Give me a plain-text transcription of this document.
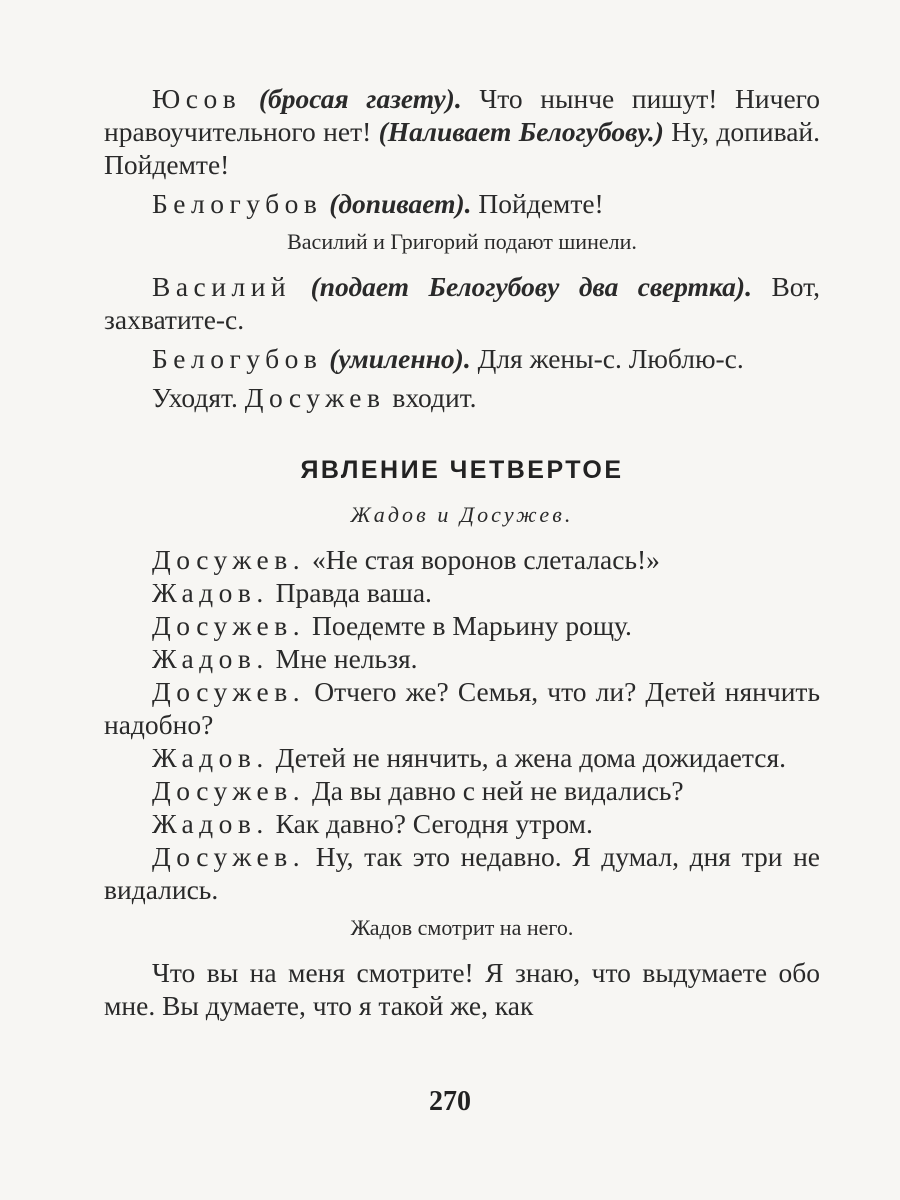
Юсов (бросая газету). Что нынче пишут! Ничего нравоучительного нет! (Наливает Белогубову.) Ну, допивай. Пойдемте!

Белогубов (допивает). Пойдемте!

Василий и Григорий подают шинели.

Василий (подает Белогубову два свертка). Вот, захватите-с.

Белогубов (умиленно). Для жены-с. Люблю-с.

Уходят. Досужев входит.

ЯВЛЕНИЕ ЧЕТВЕРТОЕ

Жадов и Досужев.

Досужев. «Не стая воронов слеталась!»

Жадов. Правда ваша.

Досужев. Поедемте в Марьину рощу.

Жадов. Мне нельзя.

Досужев. Отчего же? Семья, что ли? Детей нянчить надобно?

Жадов. Детей не нянчить, а жена дома дожидается.

Досужев. Да вы давно с ней не видались?

Жадов. Как давно? Сегодня утром.

Досужев. Ну, так это недавно. Я думал, дня три не видались.

Жадов смотрит на него.

Что вы на меня смотрите! Я знаю, что выдумаете обо мне. Вы думаете, что я такой же, как

270
